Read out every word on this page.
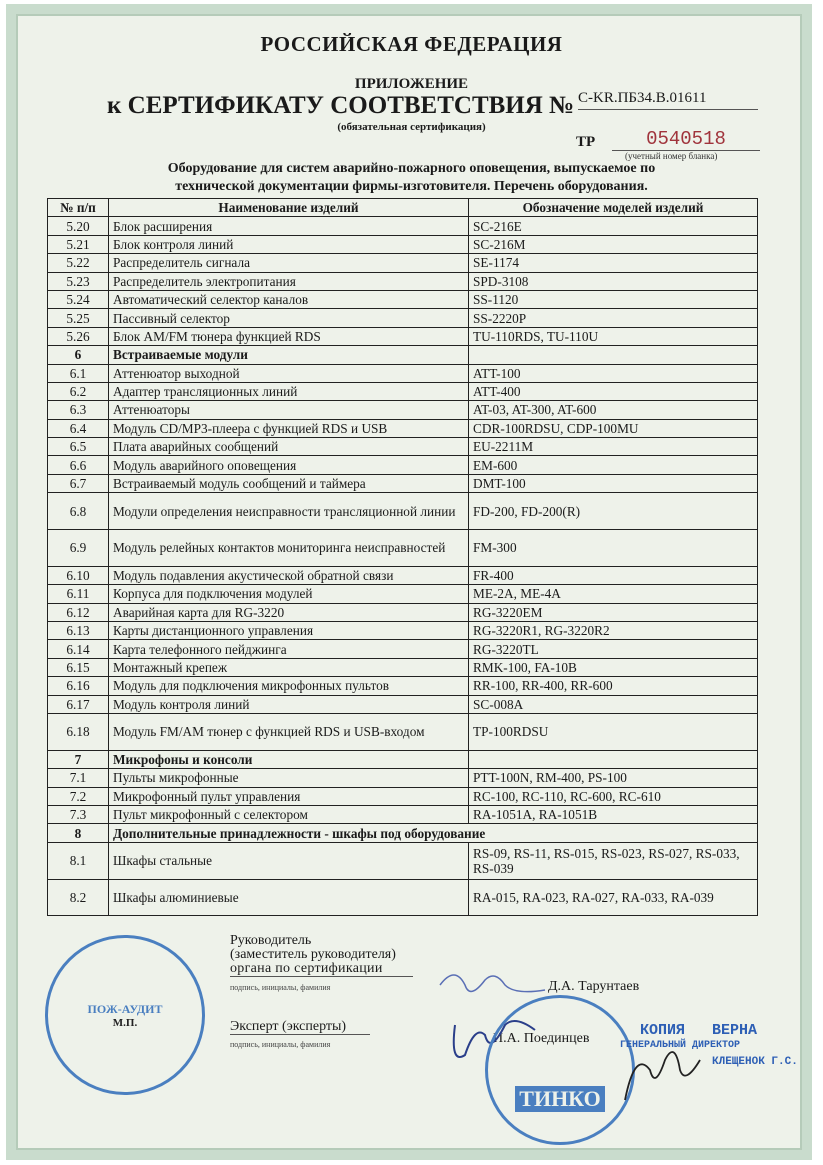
РОССИЙСКАЯ ФЕДЕРАЦИЯ
ПРИЛОЖЕНИЕ
к СЕРТИФИКАТУ СООТВЕТСТВИЯ № C-KR.ПБ34.В.01611
(обязательная сертификация)
ТР	0540518
(учетный номер бланка)
Оборудование для систем аварийно-пожарного оповещения, выпускаемое по
технической документации фирмы-изготовителя. Перечень оборудования.
№ п/п	Наименование изделий	Обозначение моделей изделий
5.20	Блок расширения	SC-216E
5.21	Блок контроля линий	SC-216M
5.22	Распределитель сигнала	SE-1174
5.23	Распределитель электропитания	SPD-3108
5.24	Автоматический селектор каналов	SS-1120
5.25	Пассивный селектор	SS-2220P
5.26	Блок AM/FM тюнера функцией RDS	TU-110RDS, TU-110U
6	Встраиваемые модули	
6.1	Аттенюатор выходной	ATT-100
6.2	Адаптер трансляционных линий	ATT-400
6.3	Аттенюаторы	AT-03, AT-300, AT-600
6.4	Модуль CD/MP3-плеера с функцией RDS и USB	CDR-100RDSU, CDP-100MU
6.5	Плата аварийных сообщений	EU-2211M
6.6	Модуль аварийного оповещения	EM-600
6.7	Встраиваемый модуль сообщений и таймера	DMT-100
6.8	Модули определения неисправности трансляционной линии	FD-200, FD-200(R)
6.9	Модуль релейных контактов мониторинга неисправностей	FM-300
6.10	Модуль подавления акустической обратной связи	FR-400
6.11	Корпуса для подключения модулей	ME-2A, ME-4A
6.12	Аварийная карта для RG-3220	RG-3220EM
6.13	Карты дистанционного управления	RG-3220R1, RG-3220R2
6.14	Карта телефонного пейджинга	RG-3220TL
6.15	Монтажный крепеж	RMK-100, FA-10B
6.16	Модуль для подключения микрофонных пультов	RR-100, RR-400, RR-600
6.17	Модуль контроля линий	SC-008A
6.18	Модуль FM/AM тюнер с функцией RDS и USB-входом	TP-100RDSU
7	Микрофоны и консоли	
7.1	Пульты микрофонные	PTT-100N, RM-400, PS-100
7.2	Микрофонный пульт управления	RC-100, RC-110, RC-600, RC-610
7.3	Пульт микрофонный с селектором	RA-1051A, RA-1051B
8	Дополнительные принадлежности - шкафы под оборудование	
8.1	Шкафы стальные	RS-09, RS-11, RS-015, RS-023, RS-027, RS-033, RS-039
8.2	Шкафы алюминиевые	RA-015, RA-023, RA-027, RA-033, RA-039
Руководитель
(заместитель руководителя)
органа по сертификации
подпись, инициалы, фамилия	Д.А. Тарунтаев
Эксперт (эксперты)
подпись, инициалы, фамилия	И.А. Поединцев
ПОЖ-АУДИТ
М.П.
ТИНКО
КОПИЯ   ВЕРНА
ГЕНЕРАЛЬНЫЙ ДИРЕКТОР
КЛЕЩЕНОК Г.С.
